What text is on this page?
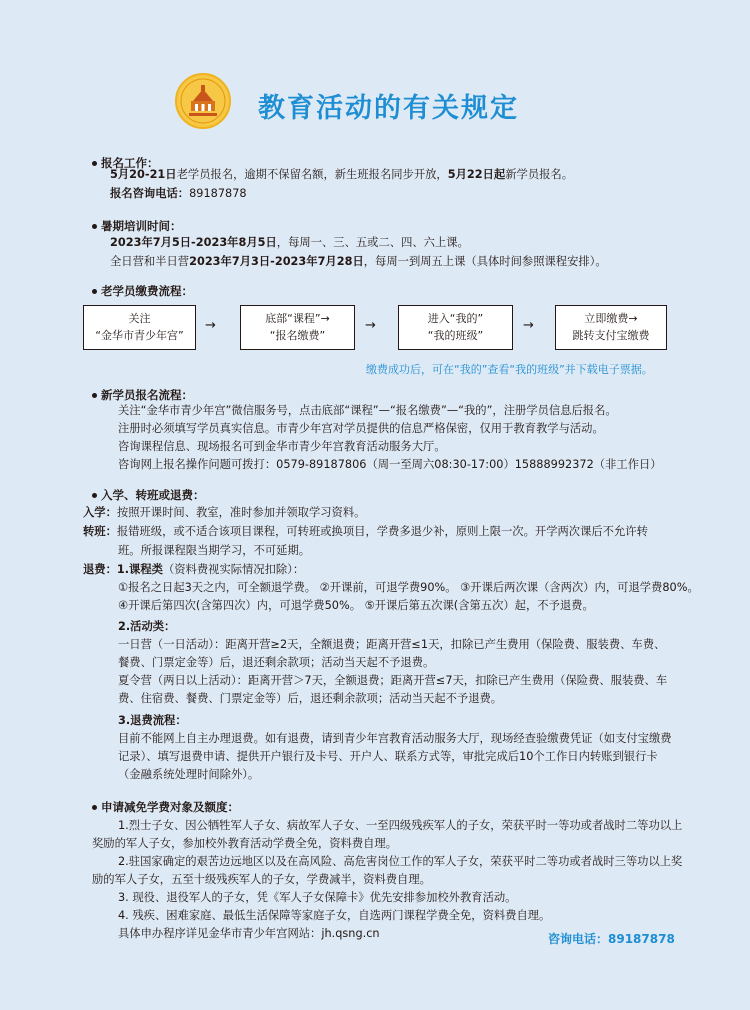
教育活动的有关规定
报名工作：
5月20-21日老学员报名，逾期不保留名额，新生班报名同步开放，5月22日起新学员报名。
报名咨询电话：89187878
暑期培训时间：
2023年7月5日-2023年8月5日，每周一、三、五或二、四、六上课。
全日营和半日营2023年7月3日-2023年7月28日，每周一到周五上课（具体时间参照课程安排）。
老学员缴费流程：
关注
“金华市青少年宫”
→	底部“课程”→
“报名缴费”
→	进入“我的”
“我的班级”
→	立即缴费→
跳转支付宝缴费
缴费成功后，可在“我的”查看“我的班级”并下载电子票据。
新学员报名流程：
关注“金华市青少年宫”微信服务号，点击底部“课程”—“报名缴费”—“我的”，注册学员信息后报名。
注册时必须填写学员真实信息。市青少年宫对学员提供的信息严格保密，仅用于教育教学与活动。
咨询课程信息、现场报名可到金华市青少年宫教育活动服务大厅。
咨询网上报名操作问题可拨打：0579-89187806（周一至周六08:30-17:00）15888992372（非工作日）
入学、转班或退费：
入学：按照开课时间、教室，准时参加并领取学习资料。
转班：报错班级，或不适合该项目课程，可转班或换项目，学费多退少补，原则上限一次。开学两次课后不允许转
班。所报课程限当期学习，不可延期。
退费：1.课程类（资料费视实际情况扣除）：
①报名之日起3天之内，可全额退学费。 ②开课前，可退学费90%。 ③开课后两次课（含两次）内，可退学费80%。
④开课后第四次(含第四次）内，可退学费50%。 ⑤开课后第五次课(含第五次）起，不予退费。
2.活动类：
一日营（一日活动）：距离开营≥2天，全额退费；距离开营≤1天，扣除已产生费用（保险费、服装费、车费、
餐费、门票定金等）后，退还剩余款项；活动当天起不予退费。
夏令营（两日以上活动）：距离开营＞7天，全额退费；距离开营≤7天，扣除已产生费用（保险费、服装费、车
费、住宿费、餐费、门票定金等）后，退还剩余款项；活动当天起不予退费。
3.退费流程：
目前不能网上自主办理退费。如有退费，请到青少年宫教育活动服务大厅，现场经查验缴费凭证（如支付宝缴费
记录）、填写退费申请、提供开户银行及卡号、开户人、联系方式等，审批完成后10个工作日内转账到银行卡
（金融系统处理时间除外）。
申请减免学费对象及额度：
1.烈士子女、因公牺牲军人子女、病故军人子女、一至四级残疾军人的子女，荣获平时一等功或者战时二等功以上
奖励的军人子女，参加校外教育活动学费全免，资料费自理。
2.驻国家确定的艰苦边远地区以及在高风险、高危害岗位工作的军人子女，荣获平时二等功或者战时三等功以上奖
励的军人子女，五至十级残疾军人的子女，学费减半，资料费自理。
3. 现役、退役军人的子女，凭《军人子女保障卡》优先安排参加校外教育活动。
4. 残疾、困难家庭、最低生活保障等家庭子女，自选两门课程学费全免，资料费自理。
具体申办程序详见金华市青少年宫网站：jh.qsng.cn	咨询电话：89187878
